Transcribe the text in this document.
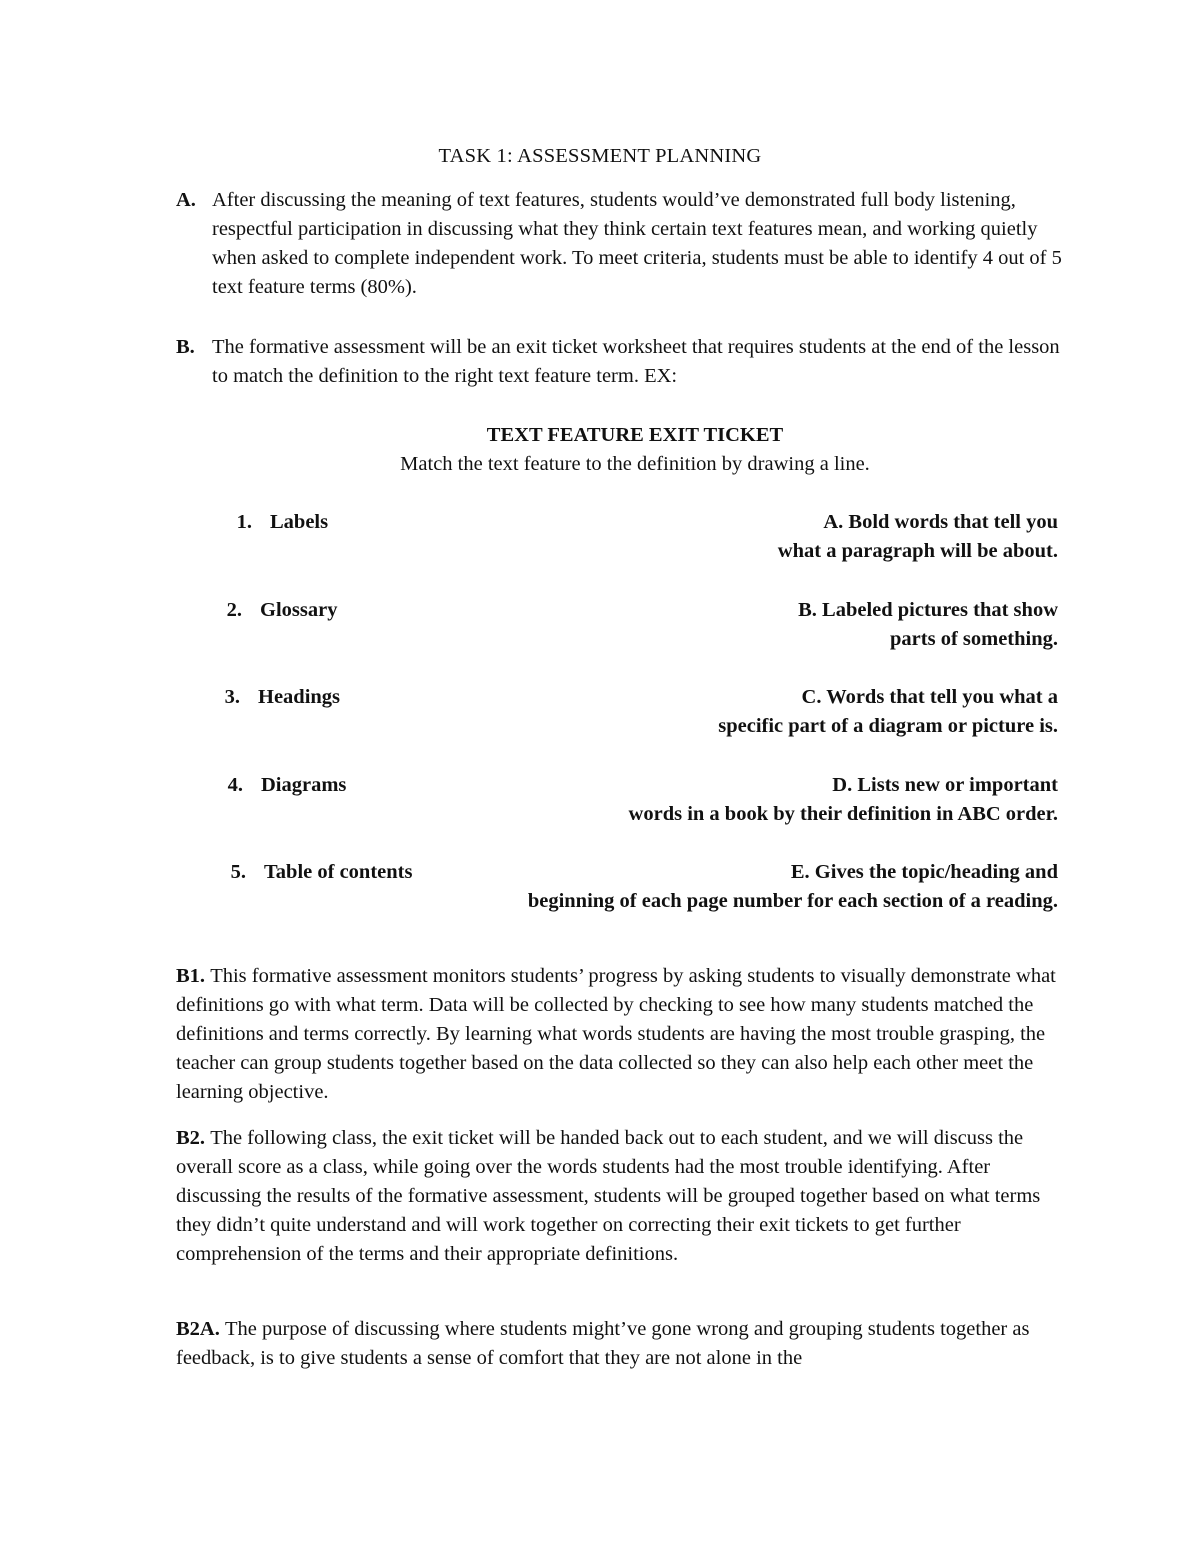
TASK 1: ASSESSMENT PLANNING
A. After discussing the meaning of text features, students would’ve demonstrated full body listening, respectful participation in discussing what they think certain text features mean, and working quietly when asked to complete independent work. To meet criteria, students must be able to identify 4 out of 5 text feature terms (80%).
B. The formative assessment will be an exit ticket worksheet that requires students at the end of the lesson to match the definition to the right text feature term. EX:
TEXT FEATURE EXIT TICKET
Match the text feature to the definition by drawing a line.
1. Labels	A. Bold words that tell you
what a paragraph will be about.
2. Glossary	B. Labeled pictures that show
parts of something.
3. Headings	C. Words that tell you what a
specific part of a diagram or picture is.
4. Diagrams	D. Lists new or important
words in a book by their definition in ABC order.
5. Table of contents	E. Gives the topic/heading and
beginning of each page number for each section of a reading.
B1. This formative assessment monitors students’ progress by asking students to visually demonstrate what definitions go with what term. Data will be collected by checking to see how many students matched the definitions and terms correctly. By learning what words students are having the most trouble grasping, the teacher can group students together based on the data collected so they can also help each other meet the learning objective.
B2. The following class, the exit ticket will be handed back out to each student, and we will discuss the overall score as a class, while going over the words students had the most trouble identifying. After discussing the results of the formative assessment, students will be grouped together based on what terms they didn’t quite understand and will work together on correcting their exit tickets to get further comprehension of the terms and their appropriate definitions.
B2A. The purpose of discussing where students might’ve gone wrong and grouping students together as feedback, is to give students a sense of comfort that they are not alone in the
